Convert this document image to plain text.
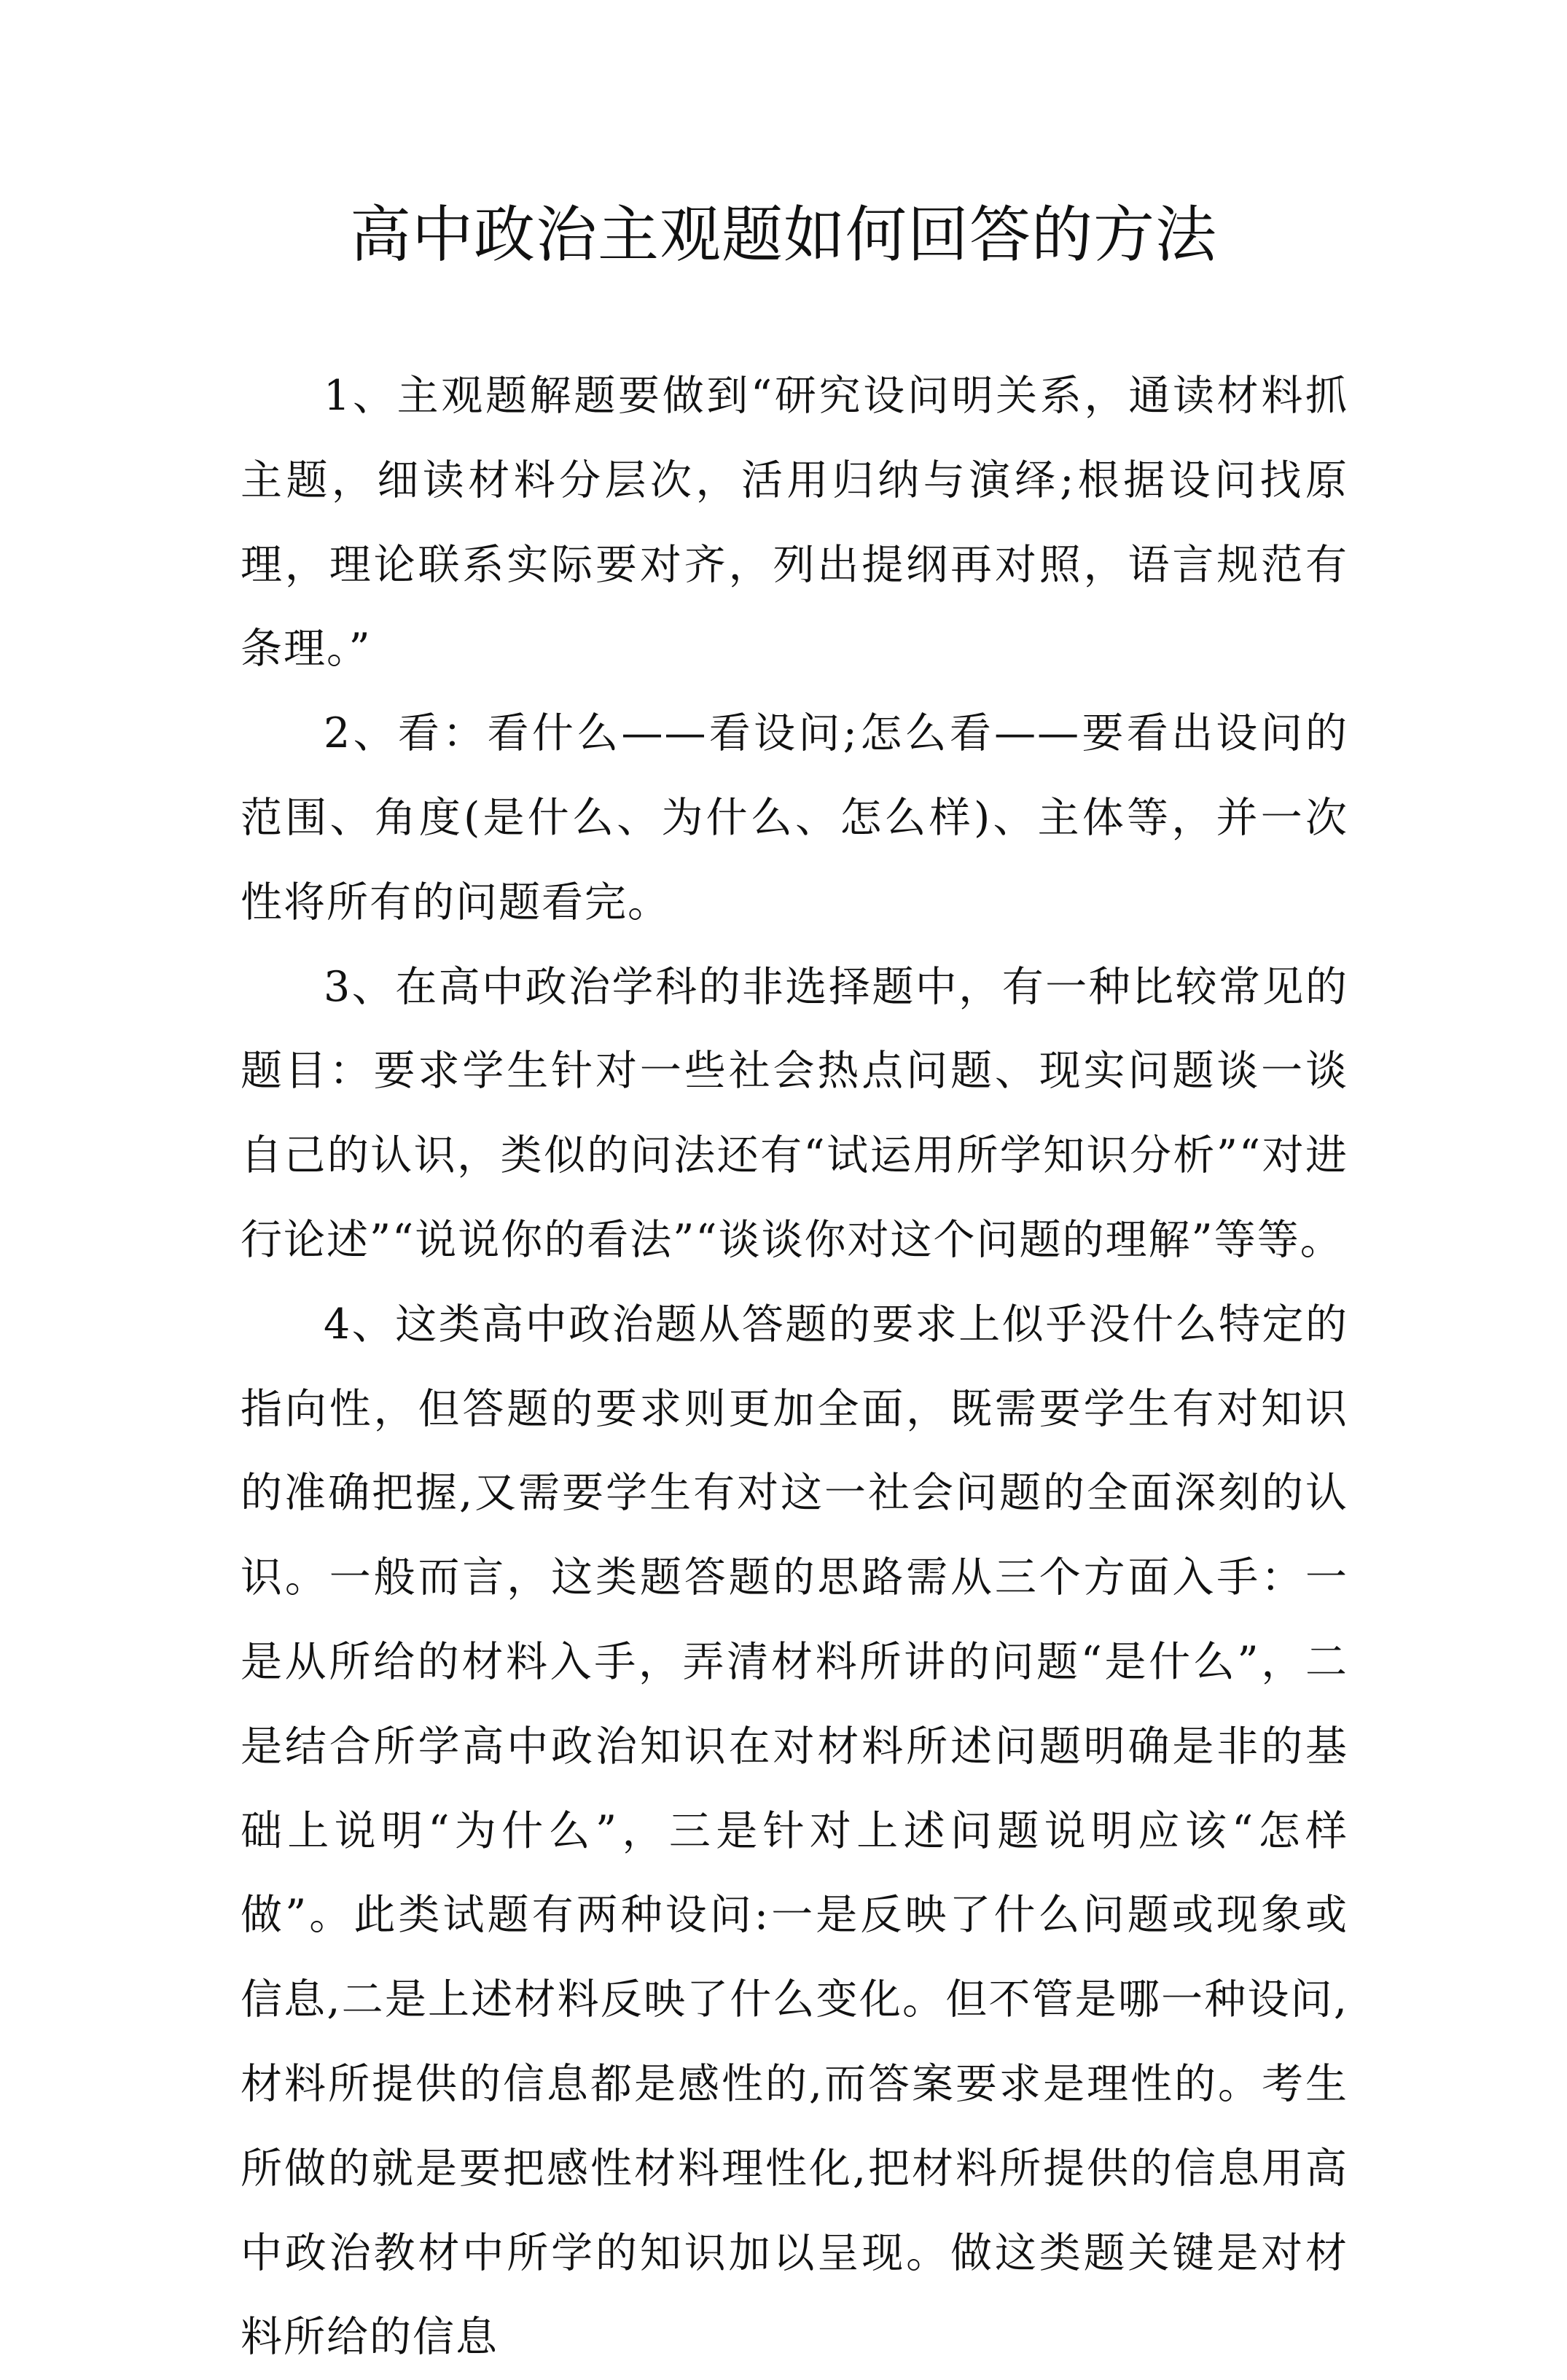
高中政治主观题如何回答的方法

1、主观题解题要做到“研究设问明关系，通读材料抓主题，细读材料分层次，活用归纳与演绎;根据设问找原理，理论联系实际要对齐，列出提纲再对照，语言规范有条理。”

2、看：看什么——看设问;怎么看——要看出设问的范围、角度(是什么、为什么、怎么样)、主体等，并一次性将所有的问题看完。

3、在高中政治学科的非选择题中，有一种比较常见的题目：要求学生针对一些社会热点问题、现实问题谈一谈自己的认识，类似的问法还有“试运用所学知识分析”“对进行论述”“说说你的看法”“谈谈你对这个问题的理解”等等。

4、这类高中政治题从答题的要求上似乎没什么特定的指向性，但答题的要求则更加全面，既需要学生有对知识的准确把握,又需要学生有对这一社会问题的全面深刻的认识。一般而言，这类题答题的思路需从三个方面入手：一是从所给的材料入手，弄清材料所讲的问题“是什么”，二是结合所学高中政治知识在对材料所述问题明确是非的基础上说明“为什么”，三是针对上述问题说明应该“怎样做”。此类试题有两种设问:一是反映了什么问题或现象或信息,二是上述材料反映了什么变化。但不管是哪一种设问,材料所提供的信息都是感性的,而答案要求是理性的。考生所做的就是要把感性材料理性化,把材料所提供的信息用高中政治教材中所学的知识加以呈现。做这类题关键是对材料所给的信息
